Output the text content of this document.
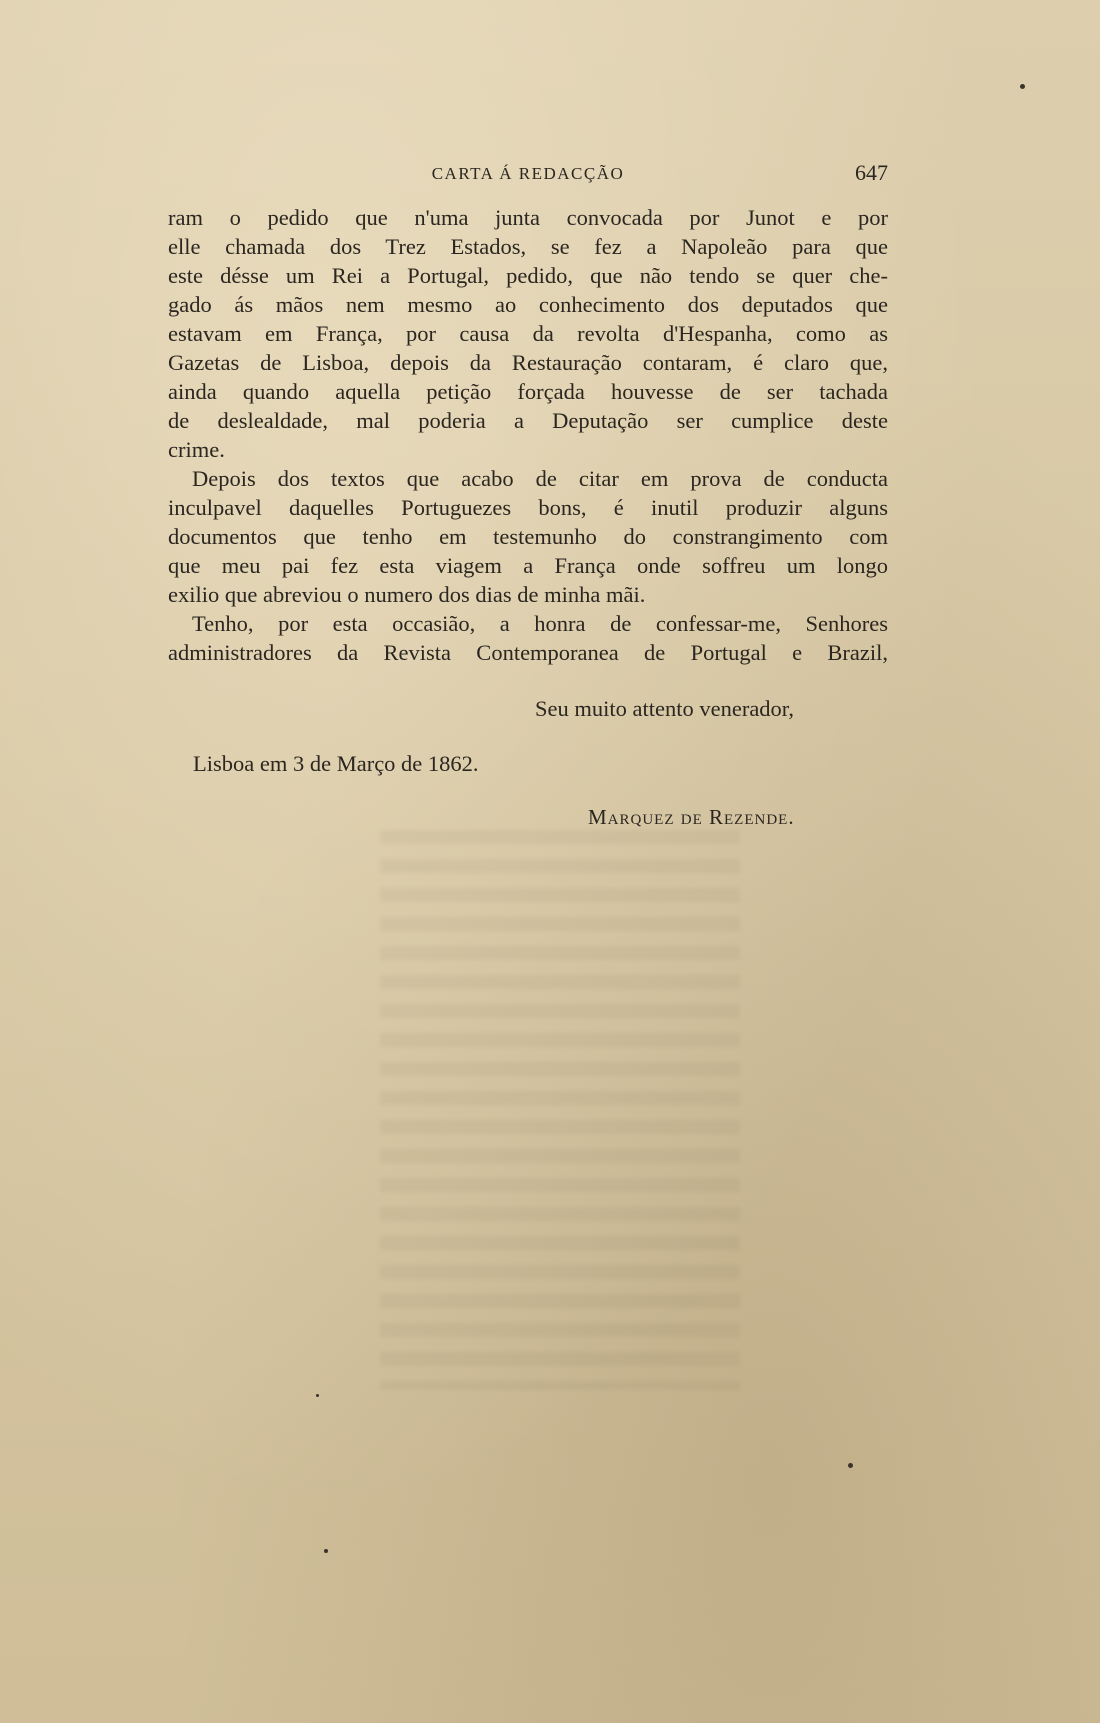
CARTA Á REDACÇÃO	647

ram o pedido que n'uma junta convocada por Junot e por

elle chamada dos Trez Estados, se fez a Napoleão para que

este désse um Rei a Portugal, pedido, que não tendo se quer che-

gado ás mãos nem mesmo ao conhecimento dos deputados que

estavam em França, por causa da revolta d'Hespanha, como as

Gazetas de Lisboa, depois da Restauração contaram, é claro que,

ainda quando aquella petição forçada houvesse de ser tachada

de deslealdade, mal poderia a Deputação ser cumplice deste

crime.

Depois dos textos que acabo de citar em prova de conducta

inculpavel daquelles Portuguezes bons, é inutil produzir alguns

documentos que tenho em testemunho do constrangimento com

que meu pai fez esta viagem a França onde soffreu um longo

exilio que abreviou o numero dos dias de minha mãi.

Tenho, por esta occasião, a honra de confessar-me, Senhores

administradores da Revista Contemporanea de Portugal e Brazil,

Seu muito attento venerador,
Lisboa em 3 de Março de 1862.
Marquez de Rezende.
